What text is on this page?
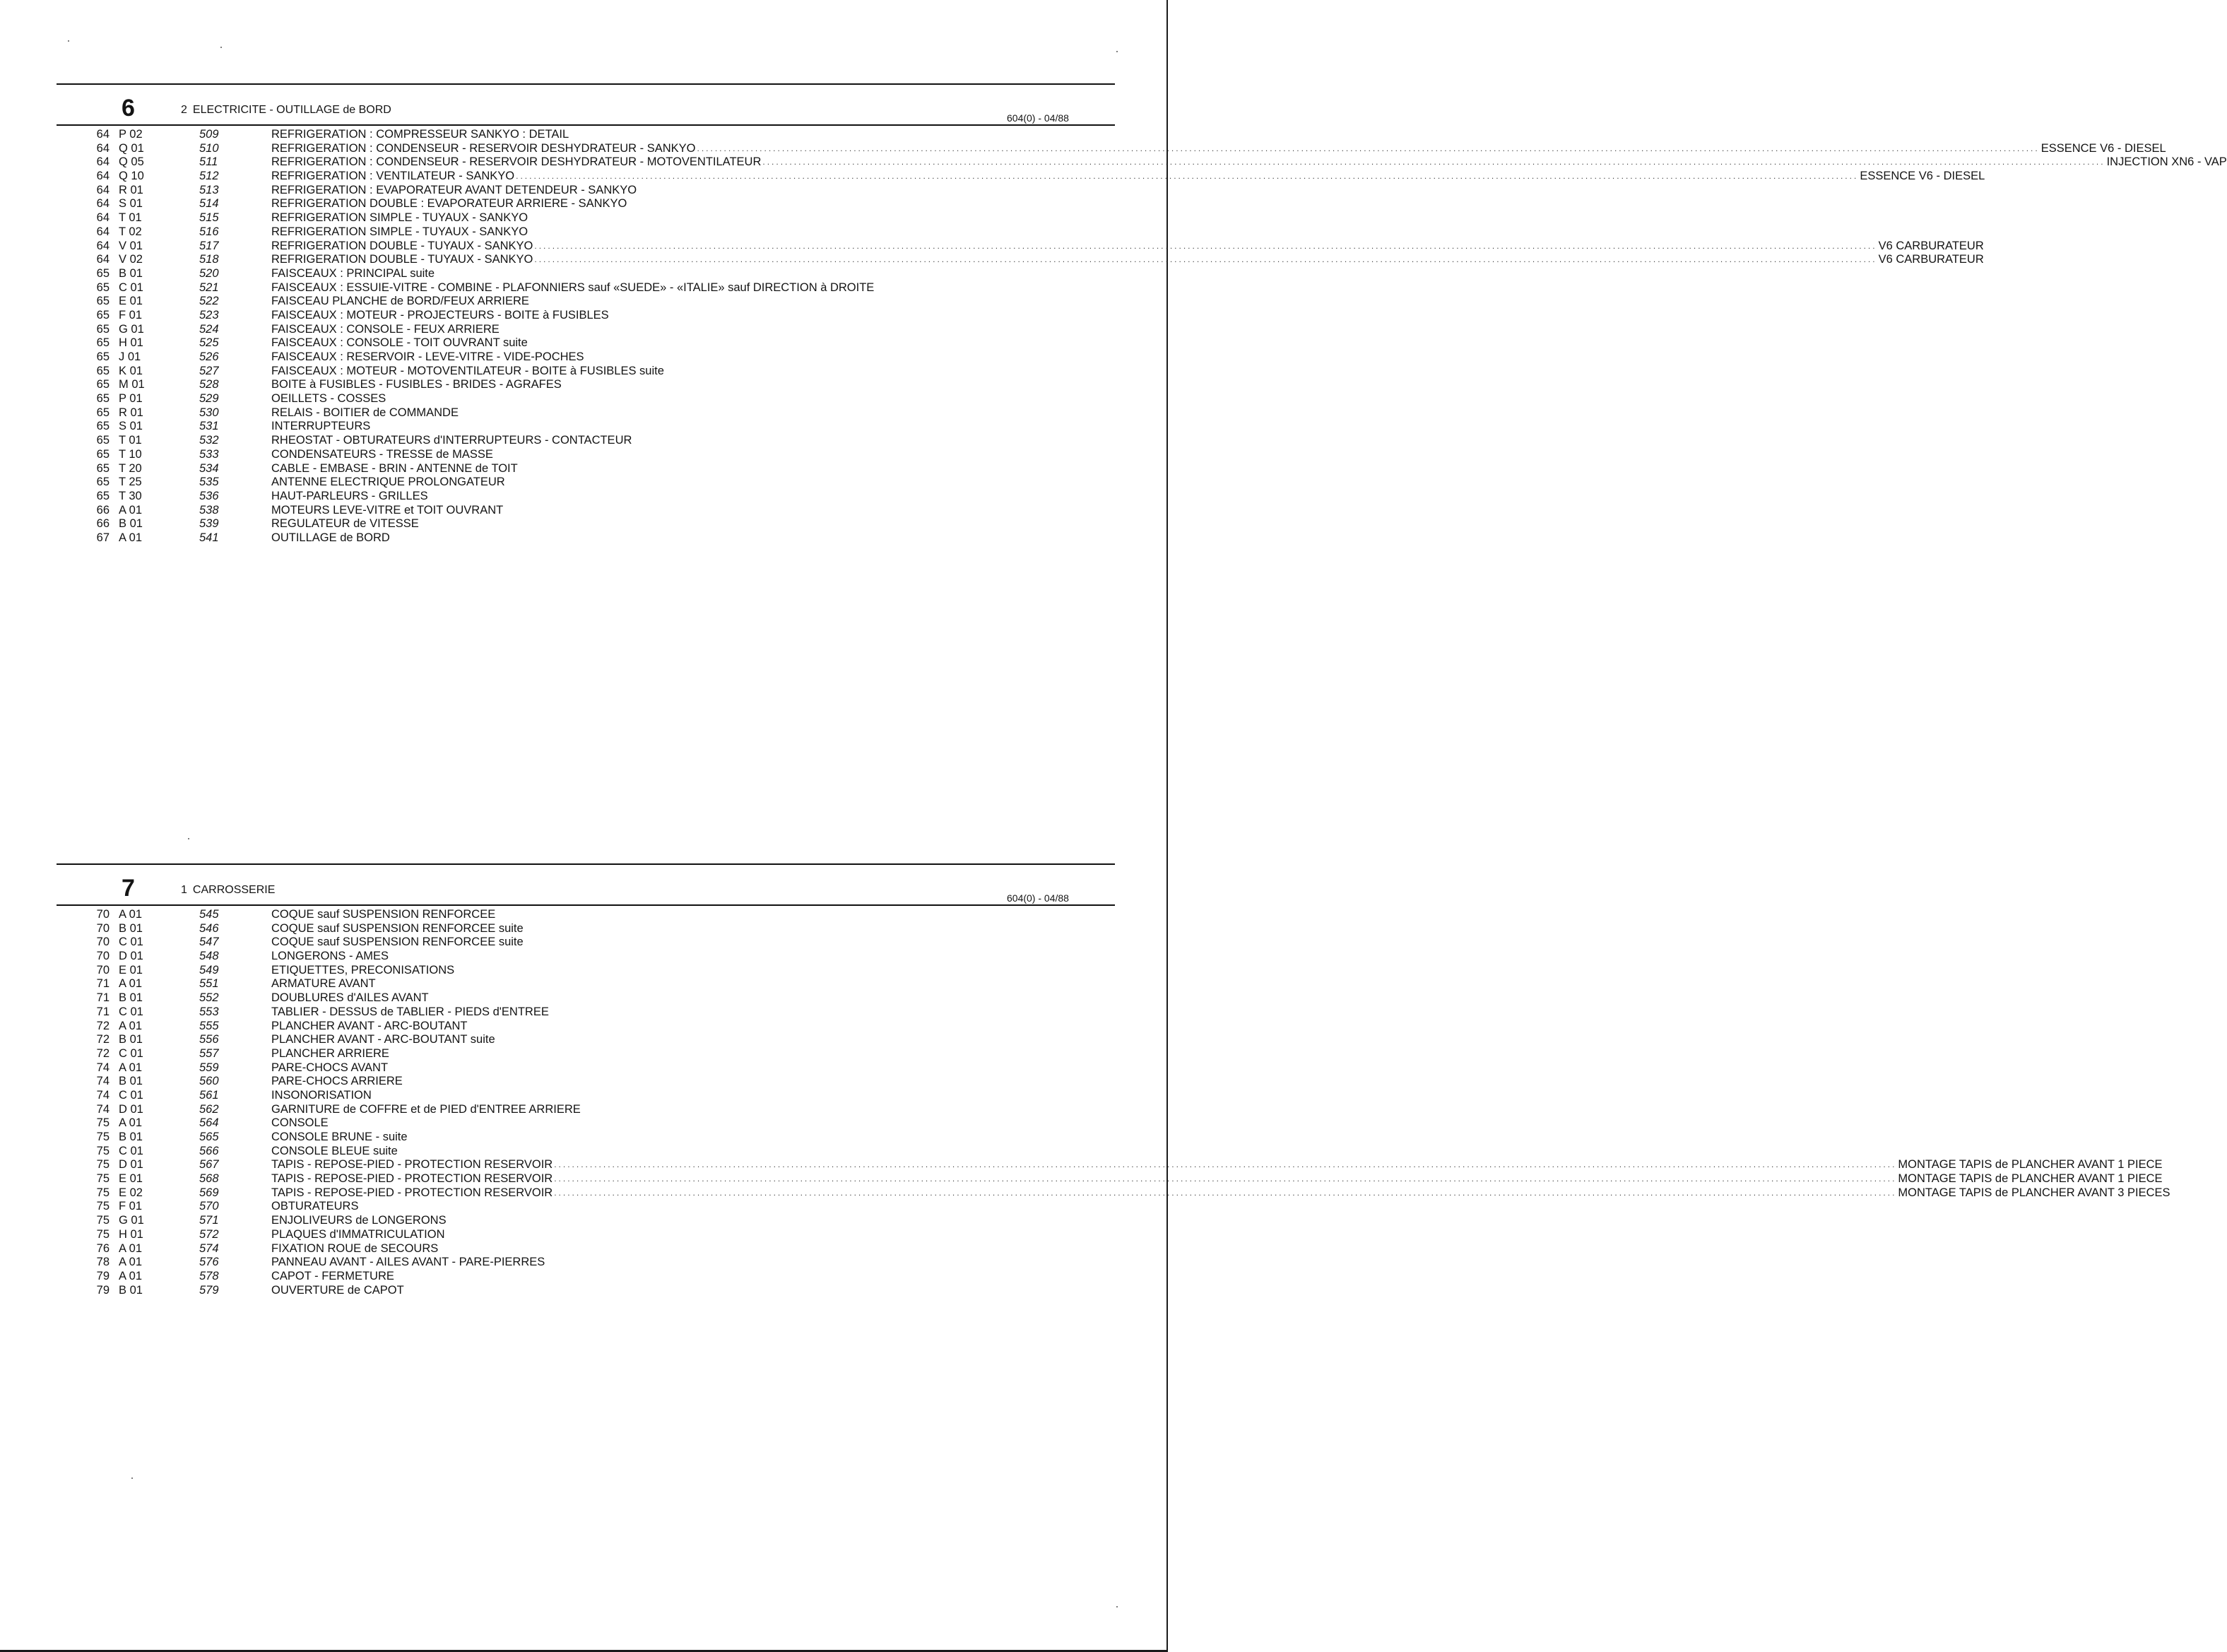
6	2 ELECTRICITE - OUTILLAGE de BORD
604(0) - 04/88
64 P 02	509	REFRIGERATION : COMPRESSEUR SANKYO : DETAIL
64 Q 01	510	REFRIGERATION : CONDENSEUR - RESERVOIR DESHYDRATEUR - SANKYO ............................................................................................................................................................................................................................................................................................................ ESSENCE V6 - DIESEL
64 Q 05	511	REFRIGERATION : CONDENSEUR - RESERVOIR DESHYDRATEUR - MOTOVENTILATEUR ............................................................................................................................................................................................................................................................................................................ INJECTION XN6 - VAP
64 Q 10	512	REFRIGERATION : VENTILATEUR - SANKYO ............................................................................................................................................................................................................................................................................................................ ESSENCE V6 - DIESEL
64 R 01	513	REFRIGERATION : EVAPORATEUR AVANT DETENDEUR - SANKYO
64 S 01	514	REFRIGERATION DOUBLE : EVAPORATEUR ARRIERE - SANKYO
64 T 01	515	REFRIGERATION SIMPLE - TUYAUX - SANKYO
64 T 02	516	REFRIGERATION SIMPLE - TUYAUX - SANKYO
64 V 01	517	REFRIGERATION DOUBLE - TUYAUX - SANKYO ............................................................................................................................................................................................................................................................................................................ V6 CARBURATEUR
64 V 02	518	REFRIGERATION DOUBLE - TUYAUX - SANKYO ............................................................................................................................................................................................................................................................................................................ V6 CARBURATEUR
65 B 01	520	FAISCEAUX : PRINCIPAL suite
65 C 01	521	FAISCEAUX : ESSUIE-VITRE - COMBINE - PLAFONNIERS sauf «SUEDE» - «ITALIE» sauf DIRECTION à DROITE
65 E 01	522	FAISCEAU PLANCHE de BORD/FEUX ARRIERE
65 F 01	523	FAISCEAUX : MOTEUR - PROJECTEURS - BOITE à FUSIBLES
65 G 01	524	FAISCEAUX : CONSOLE - FEUX ARRIERE
65 H 01	525	FAISCEAUX : CONSOLE - TOIT OUVRANT suite
65 J 01	526	FAISCEAUX : RESERVOIR - LEVE-VITRE - VIDE-POCHES
65 K 01	527	FAISCEAUX : MOTEUR - MOTOVENTILATEUR - BOITE à FUSIBLES suite
65 M 01	528	BOITE à FUSIBLES - FUSIBLES - BRIDES - AGRAFES
65 P 01	529	OEILLETS - COSSES
65 R 01	530	RELAIS - BOITIER de COMMANDE
65 S 01	531	INTERRUPTEURS
65 T 01	532	RHEOSTAT - OBTURATEURS d'INTERRUPTEURS - CONTACTEUR
65 T 10	533	CONDENSATEURS - TRESSE de MASSE
65 T 20	534	CABLE - EMBASE - BRIN - ANTENNE de TOIT
65 T 25	535	ANTENNE ELECTRIQUE PROLONGATEUR
65 T 30	536	HAUT-PARLEURS - GRILLES
66 A 01	538	MOTEURS LEVE-VITRE et TOIT OUVRANT
66 B 01	539	REGULATEUR de VITESSE
67 A 01	541	OUTILLAGE de BORD
7	1 CARROSSERIE
604(0) - 04/88
70 A 01	545	COQUE sauf SUSPENSION RENFORCEE
70 B 01	546	COQUE sauf SUSPENSION RENFORCEE suite
70 C 01	547	COQUE sauf SUSPENSION RENFORCEE suite
70 D 01	548	LONGERONS - AMES
70 E 01	549	ETIQUETTES, PRECONISATIONS
71 A 01	551	ARMATURE AVANT
71 B 01	552	DOUBLURES d'AILES AVANT
71 C 01	553	TABLIER - DESSUS de TABLIER - PIEDS d'ENTREE
72 A 01	555	PLANCHER AVANT - ARC-BOUTANT
72 B 01	556	PLANCHER AVANT - ARC-BOUTANT suite
72 C 01	557	PLANCHER ARRIERE
74 A 01	559	PARE-CHOCS AVANT
74 B 01	560	PARE-CHOCS ARRIERE
74 C 01	561	INSONORISATION
74 D 01	562	GARNITURE de COFFRE et de PIED d'ENTREE ARRIERE
75 A 01	564	CONSOLE
75 B 01	565	CONSOLE BRUNE - suite
75 C 01	566	CONSOLE BLEUE suite
75 D 01	567	TAPIS - REPOSE-PIED - PROTECTION RESERVOIR ............................................................................................................................................................................................................................................................................................................ MONTAGE TAPIS de PLANCHER AVANT 1 PIECE
75 E 01	568	TAPIS - REPOSE-PIED - PROTECTION RESERVOIR ............................................................................................................................................................................................................................................................................................................ MONTAGE TAPIS de PLANCHER AVANT 1 PIECE
75 E 02	569	TAPIS - REPOSE-PIED - PROTECTION RESERVOIR ............................................................................................................................................................................................................................................................................................................ MONTAGE TAPIS de PLANCHER AVANT 3 PIECES
75 F 01	570	OBTURATEURS
75 G 01	571	ENJOLIVEURS de LONGERONS
75 H 01	572	PLAQUES d'IMMATRICULATION
76 A 01	574	FIXATION ROUE de SECOURS
78 A 01	576	PANNEAU AVANT - AILES AVANT - PARE-PIERRES
79 A 01	578	CAPOT - FERMETURE
79 B 01	579	OUVERTURE de CAPOT
